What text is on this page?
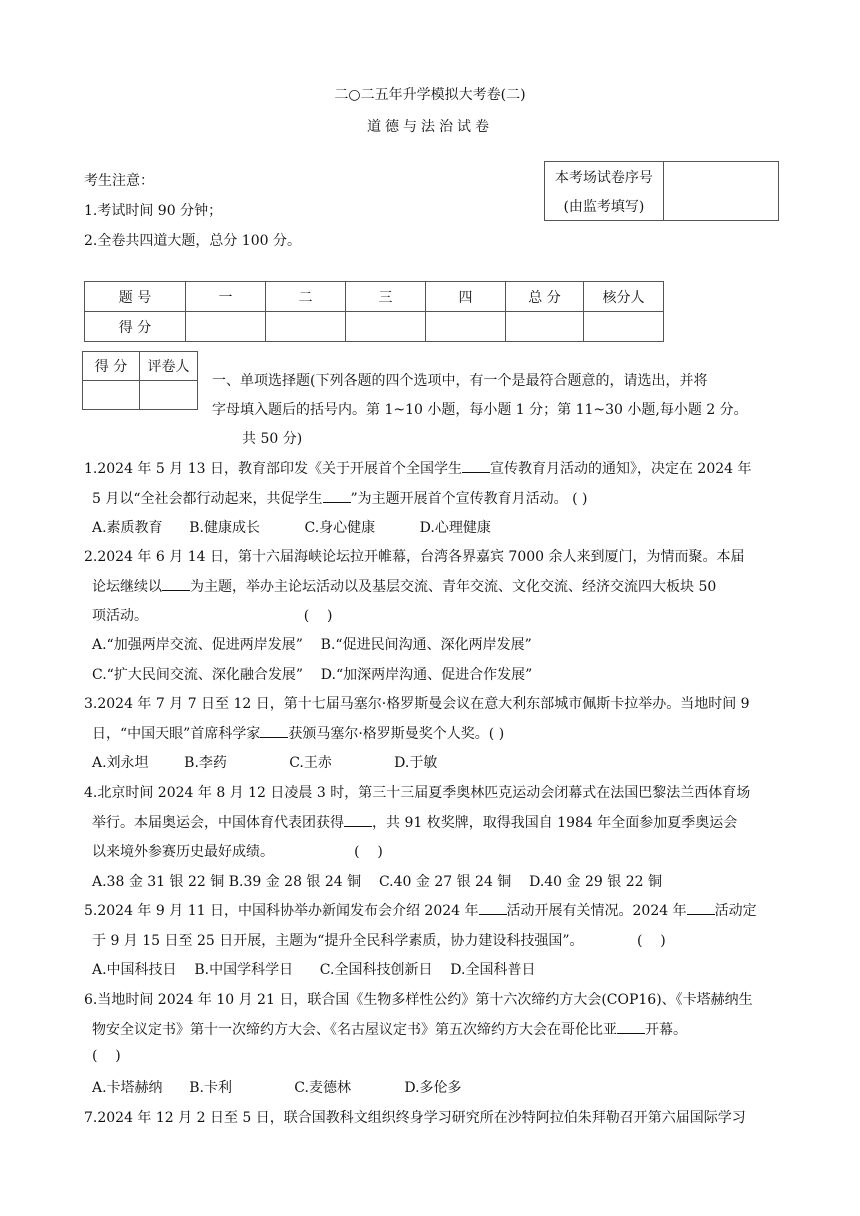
二○二五年升学模拟大考卷(二)
道德与法治试卷
考生注意：
1.考试时间 90 分钟；
2.全卷共四道大题，总分 100 分。
本考场试卷序号	
(由监考填写)
题 号	一	二	三	四	总 分	核分人
得 分						
得 分	评卷人

一、单项选择题(下列各题的四个选项中，有一个是最符合题意的，请选出，并将
字母填入题后的括号内。第 1~10 小题，每小题 1 分；第 11~30 小题,每小题 2 分。
共 50 分)
1.2024 年 5 月 13 日，教育部印发《关于开展首个全国学生 宣传教育月活动的通知》，决定在 2024 年
5 月以“全社会都行动起来，共促学生 ”为主题开展首个宣传教育月活动。 ( )
A.素质教育      B.健康成长          C.身心健康          D.心理健康
2.2024 年 6 月 14 日，第十六届海峡论坛拉开帷幕，台湾各界嘉宾 7000 余人来到厦门，为情而聚。本届
论坛继续以 为主题，举办主论坛活动以及基层交流、青年交流、文化交流、经济交流四大板块 50
项活动。                                   (    )
A.“加强两岸交流、促进两岸发展”    B.“促进民间沟通、深化两岸发展”
C.“扩大民间交流、深化融合发展”    D.“加深两岸沟通、促进合作发展”
3.2024 年 7 月 7 日至 12 日，第十七届马塞尔·格罗斯曼会议在意大利东部城市佩斯卡拉举办。当地时间 9
日，“中国天眼”首席科学家 获颁马塞尔·格罗斯曼奖个人奖。( )
A.刘永坦        B.李药              C.王赤              D.于敏
4.北京时间 2024 年 8 月 12 日凌晨 3 时，第三十三届夏季奥林匹克运动会闭幕式在法国巴黎法兰西体育场
举行。本届奥运会，中国体育代表团获得 ，共 91 枚奖牌，取得我国自 1984 年全面参加夏季奥运会
以来境外参赛历史最好成绩。                  (    )
A.38 金 31 银 22 铜 B.39 金 28 银 24 铜    C.40 金 27 银 24 铜    D.40 金 29 银 22 铜
5.2024 年 9 月 11 日，中国科协举办新闻发布会介绍 2024 年 活动开展有关情况。2024 年 活动定
于 9 月 15 日至 25 日开展，主题为“提升全民科学素质，协力建设科技强国”。            (    )
A.中国科技日    B.中国学科学日      C.全国科技创新日    D.全国科普日
6.当地时间 2024 年 10 月 21 日，联合国《生物多样性公约》第十六次缔约方大会(COP16)、《卡塔赫纳生
物安全议定书》第十一次缔约方大会、《名古屋议定书》第五次缔约方大会在哥伦比亚 开幕。
(    )
A.卡塔赫纳      B.卡利              C.麦德林            D.多伦多
7.2024 年 12 月 2 日至 5 日，联合国教科文组织终身学习研究所在沙特阿拉伯朱拜勒召开第六届国际学习
